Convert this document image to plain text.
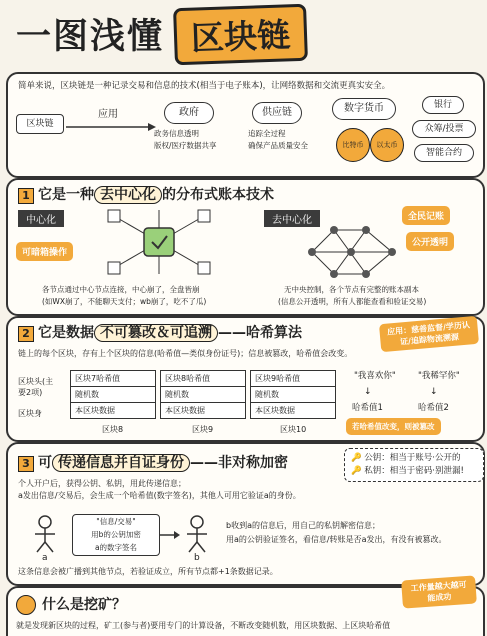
一图浅懂 区块链
简单来说，区块链是一种记录交易和信息的技术(相当于电子账本)，让网络数据和交流更真实安全。
区块链
应用	政府
政务信息透明
版权/医疗数据共享
供应链
追踪全过程
确保产品质量安全
数字货币
比特币	以太币
银行
众筹/投票
智能合约
1 它是一种 去中心化 的分布式账本技术
中心化	去中心化
可暗箱操作
全民记账
公开透明
各节点通过中心节点连接，中心崩了，全盘皆崩
(如WX崩了，不能聊天支付；wb崩了，吃不了瓜)
无中央控制，各个节点有完整的账本副本
(信息公开透明，所有人都能查看和验证交易)
2 它是数据 不可篡改＆可追溯 ——哈希算法	应用：慈善监督/学历认证/追踪物流溯源
链上的每个区块，存有上个区块的信息(哈希值—类似身份证号)；信息被篡改，哈希值会改变。
区块头(主要2项)
区块身
区块7哈希值
随机数
本区块数据
区块8
区块8哈希值
随机数
本区块数据
区块9
区块9哈希值
随机数
本区块数据
区块10
"我喜欢你"	"我稀罕你"
↓	↓
哈希值1	哈希值2
若哈希值改变，则被篡改
3 可 传递信息并自证身份 ——非对称加密	🔑 公钥：相当于账号·公开的
🔑 私钥：相当于密码·别泄漏!
个人开户后，获得公钥、私钥，用此传递信息；
a发出信息/交易后，会生成一个哈希值(数字签名)，其他人可用它验证a的身份。
a
"信息/交易"
用b的公钥加密
a的数字签名
b
b收到a的信息后，用自己的私钥解密信息；
用a的公钥验证签名，看信息/转账是否a发出，有没有被篡改。
这条信息会被广播到其他节点，若验证成立，所有节点都+1条数据记录。
什么是挖矿？
工作量越大越可能成功
就是发现新区块的过程，矿工(参与者)要用专门的计算设备，不断改变随机数，用区块数据、上区块哈希值
